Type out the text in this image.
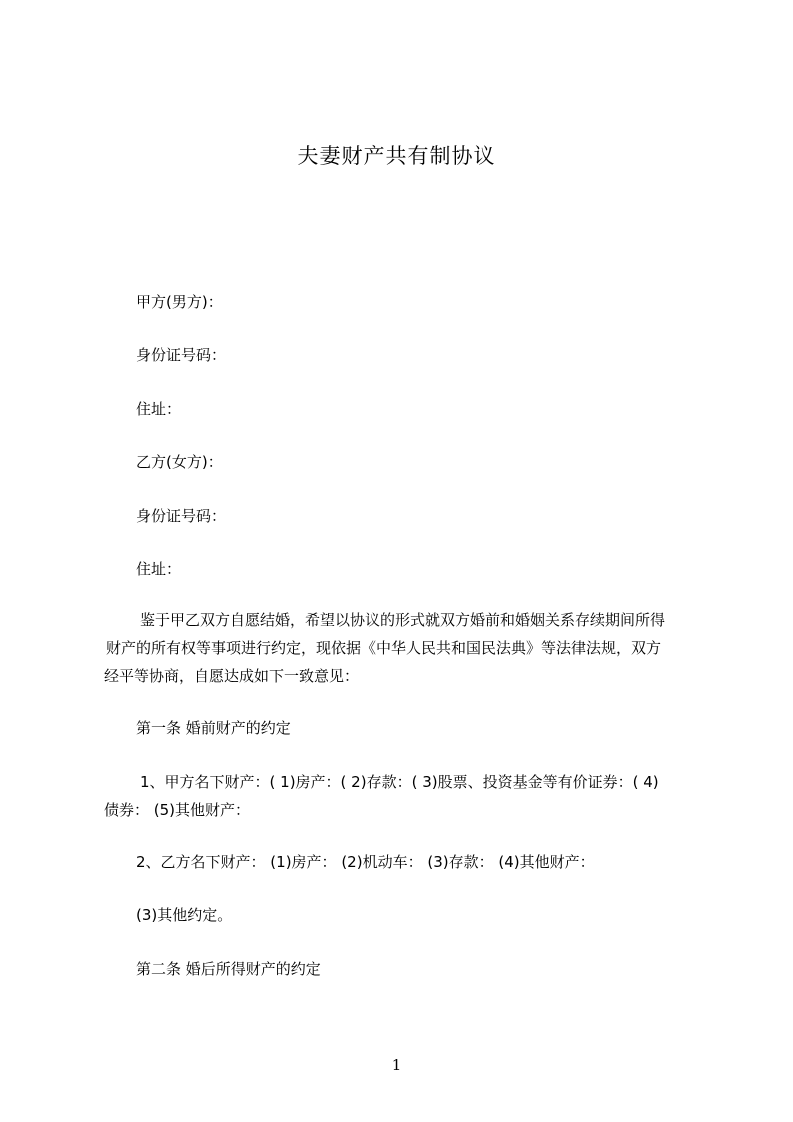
夫妻财产共有制协议
甲方(男方)：
身份证号码：
住址：
乙方(女方)：
身份证号码：
住址：
鉴于甲乙双方自愿结婚，希望以协议的形式就双方婚前和婚姻关系存续期间所得
财产的所有权等事项进行约定，现依据《中华人民共和国民法典》等法律法规，双方
经平等协商，自愿达成如下一致意见：
第一条 婚前财产的约定
1、甲方名下财产：( 1)房产：( 2)存款：( 3)股票、投资基金等有价证券：( 4)
债券： (5)其他财产：
2、乙方名下财产： (1)房产： (2)机动车： (3)存款： (4)其他财产：
(3)其他约定。
第二条 婚后所得财产的约定
1
